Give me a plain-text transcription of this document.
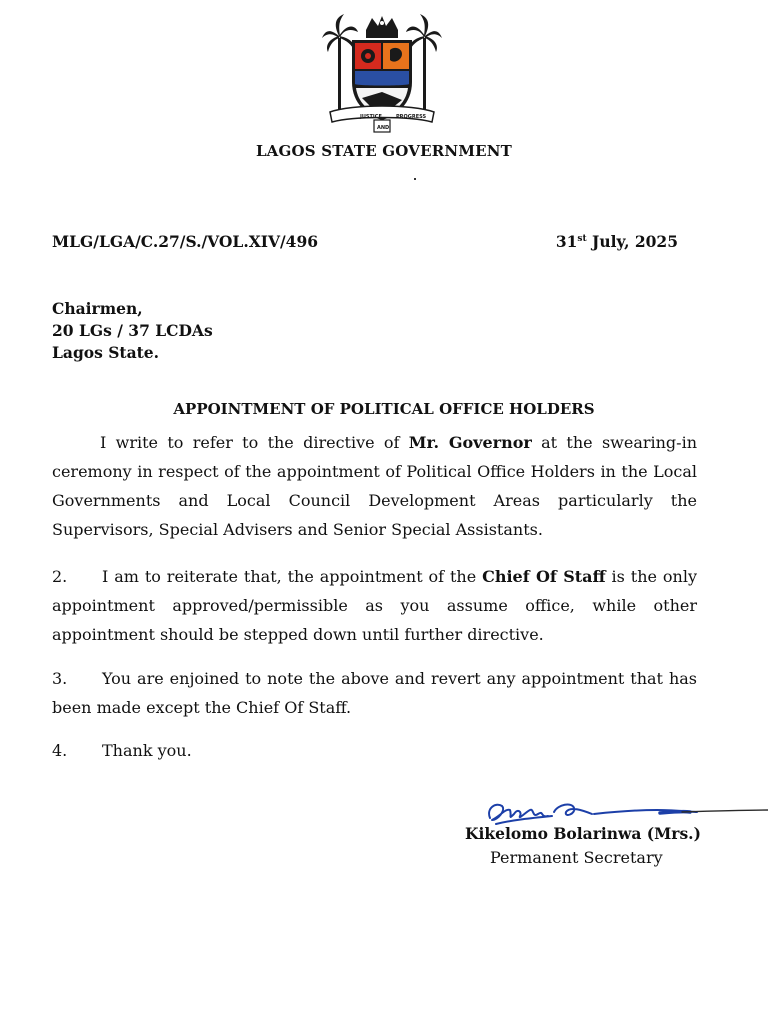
JUSTICE	PROGRESS
AND
LAGOS STATE GOVERNMENT
MLG/LGA/C.27/S./VOL.XIV/496	31st July, 2025
Chairmen,
20 LGs / 37 LCDAs
Lagos State.
APPOINTMENT OF POLITICAL OFFICE HOLDERS
I write to refer to the directive of Mr. Governor at the swearing-in ceremony in respect of the appointment of Political Office Holders in the Local Governments and Local Council Development Areas particularly the Supervisors, Special Advisers and Senior Special Assistants.
2. I am to reiterate that, the appointment of the Chief Of Staff is the only appointment approved/permissible as you assume office, while other appointment should be stepped down until further directive.
3. You are enjoined to note the above and revert any appointment that has been made except the Chief Of Staff.
4. Thank you.
Kikelomo Bolarinwa (Mrs.)
Permanent Secretary
